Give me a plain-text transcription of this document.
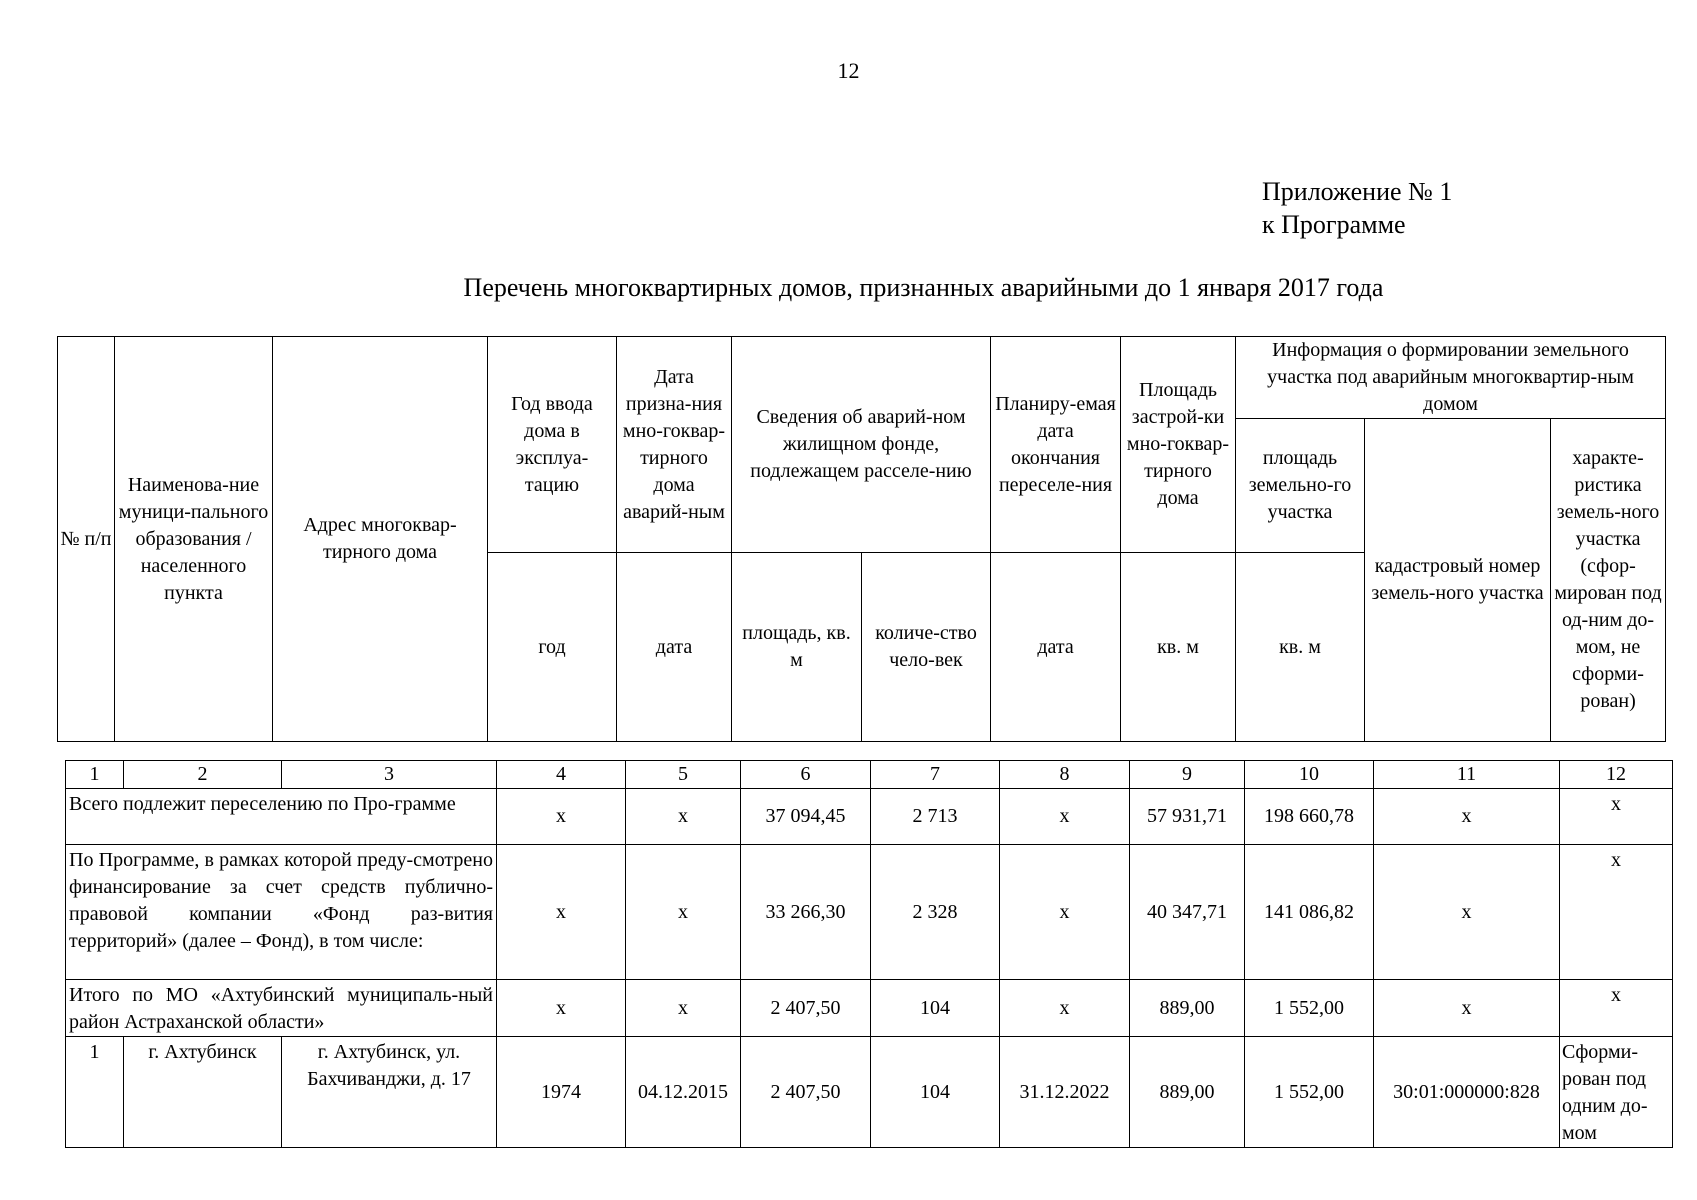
12
Приложение № 1
к Программе
Перечень многоквартирных домов, признанных аварийными до 1 января 2017 года
№ п/п	Наименова-ние муници-пального образования / населенного пункта	Адрес многоквар-тирного дома	Год ввода дома в эксплуа-тацию	Дата призна-ния мно-гоквар-тирного дома аварий-ным	Сведения об аварий-ном жилищном фонде, подлежащем расселе-нию		Планиру-емая дата окончания переселе-ния	Площадь застрой-ки мно-гоквар-тирного дома	Информация о формировании земельного участка под аварийным многоквартир-ным домом		
									площадь земельно-го участка	кадастровый номер земель-ного участка	характе-ристика земель-ного участка (сфор-мирован под од-ним до-мом, не сформи-рован)
			год	дата	площадь, кв. м	количе-ство чело-век	дата	кв. м	кв. м		
1	2	3	4	5	6	7	8	9	10	11	12
Всего подлежит переселению по Про-грамме			x	x	37 094,45	2 713	x	57 931,71	198 660,78	x	x
По Программе, в рамках которой преду-смотрено финансирование за счет средств публично-правовой компании «Фонд раз-вития территорий» (далее – Фонд), в том числе:			x	x	33 266,30	2 328	x	40 347,71	141 086,82	x	x
Итого по МО «Ахтубинский муниципаль-ный район Астраханской области»			x	x	2 407,50	104	x	889,00	1 552,00	x	x
1	г. Ахтубинск	г. Ахтубинск, ул. Бахчиванджи, д. 17	1974	04.12.2015	2 407,50	104	31.12.2022	889,00	1 552,00	30:01:000000:828	Сформи-рован под одним до-мом
